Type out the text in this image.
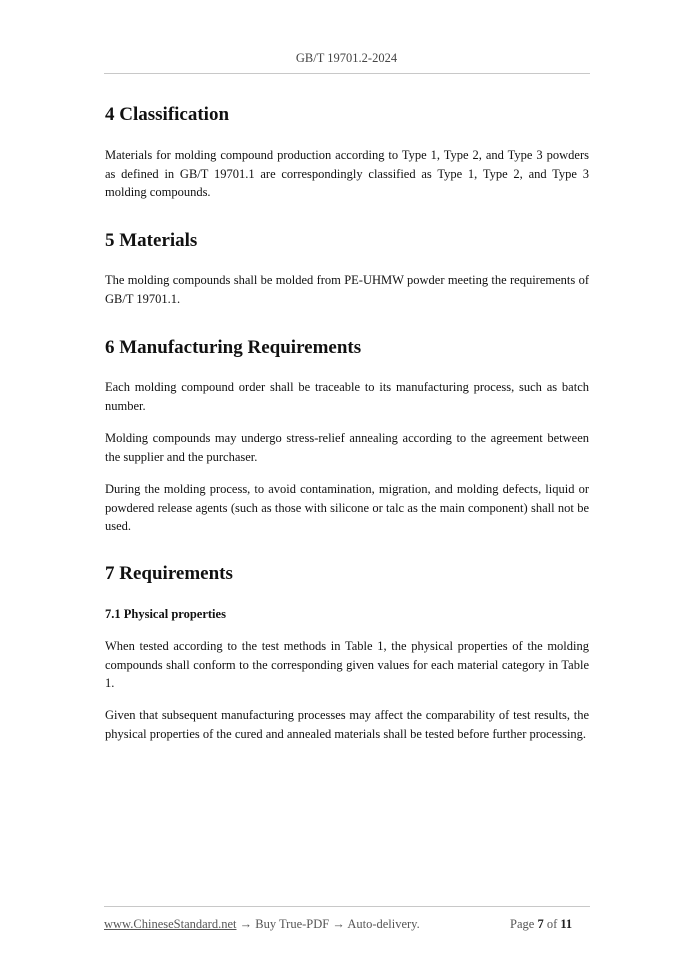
GB/T 19701.2-2024
4 Classification

Materials for molding compound production according to Type 1, Type 2, and Type 3 powders as defined in GB/T 19701.1 are correspondingly classified as Type 1, Type 2, and Type 3 molding compounds.

5 Materials

The molding compounds shall be molded from PE-UHMW powder meeting the requirements of GB/T 19701.1.

6 Manufacturing Requirements

Each molding compound order shall be traceable to its manufacturing process, such as batch number.

Molding compounds may undergo stress-relief annealing according to the agreement between the supplier and the purchaser.

During the molding process, to avoid contamination, migration, and molding defects, liquid or powdered release agents (such as those with silicone or talc as the main component) shall not be used.

7 Requirements
7.1 Physical properties

When tested according to the test methods in Table 1, the physical properties of the molding compounds shall conform to the corresponding given values for each material category in Table 1.

Given that subsequent manufacturing processes may affect the comparability of test results, the physical properties of the cured and annealed materials shall be tested before further processing.

www.ChineseStandard.net → Buy True-PDF → Auto-delivery.	Page 7 of 11
